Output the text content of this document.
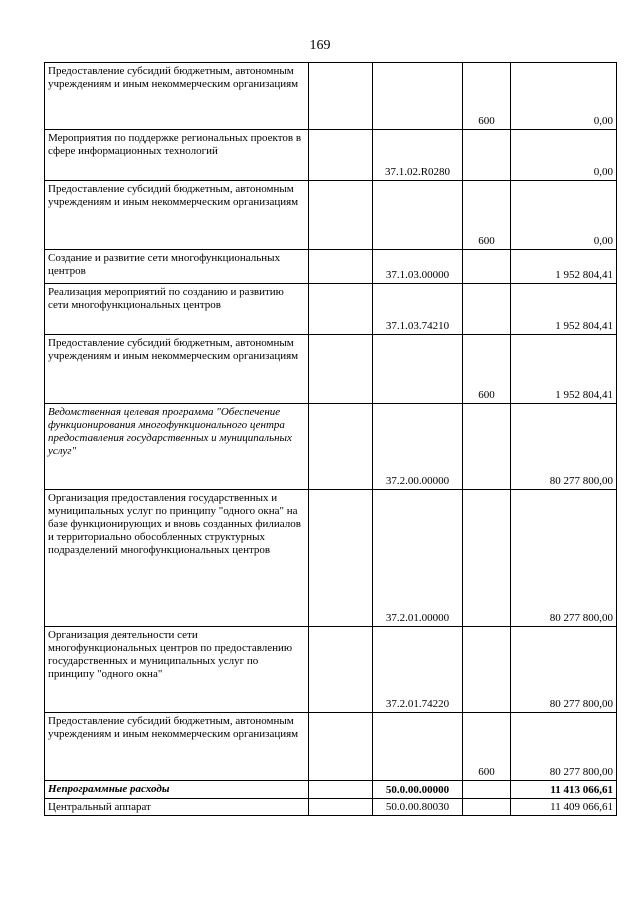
169
Предоставление субсидий бюджетным, автономным учреждениям и иным некоммерческим организациям			600	0,00
Мероприятия по поддержке региональных проектов в сфере информационных технологий		37.1.02.R0280		0,00
Предоставление субсидий бюджетным, автономным учреждениям и иным некоммерческим организациям			600	0,00
Создание и развитие сети многофункциональных центров		37.1.03.00000		1 952 804,41
Реализация мероприятий по созданию и развитию сети многофункциональных центров		37.1.03.74210		1 952 804,41
Предоставление субсидий бюджетным, автономным учреждениям и иным некоммерческим организациям			600	1 952 804,41
Ведомственная целевая программа "Обеспечение функционирования многофункционального центра предоставления государственных и муниципальных услуг"		37.2.00.00000		80 277 800,00
Организация предоставления государственных и муниципальных услуг по принципу "одного окна" на базе функционирующих и вновь созданных филиалов и территориально обособленных структурных подразделений многофункциональных центров		37.2.01.00000		80 277 800,00
Организация деятельности сети многофункциональных центров по предоставлению государственных и муниципальных услуг по принципу "одного окна"		37.2.01.74220		80 277 800,00
Предоставление субсидий бюджетным, автономным учреждениям и иным некоммерческим организациям			600	80 277 800,00
Непрограммные расходы		50.0.00.00000		11 413 066,61
Центральный аппарат		50.0.00.80030		11 409 066,61
